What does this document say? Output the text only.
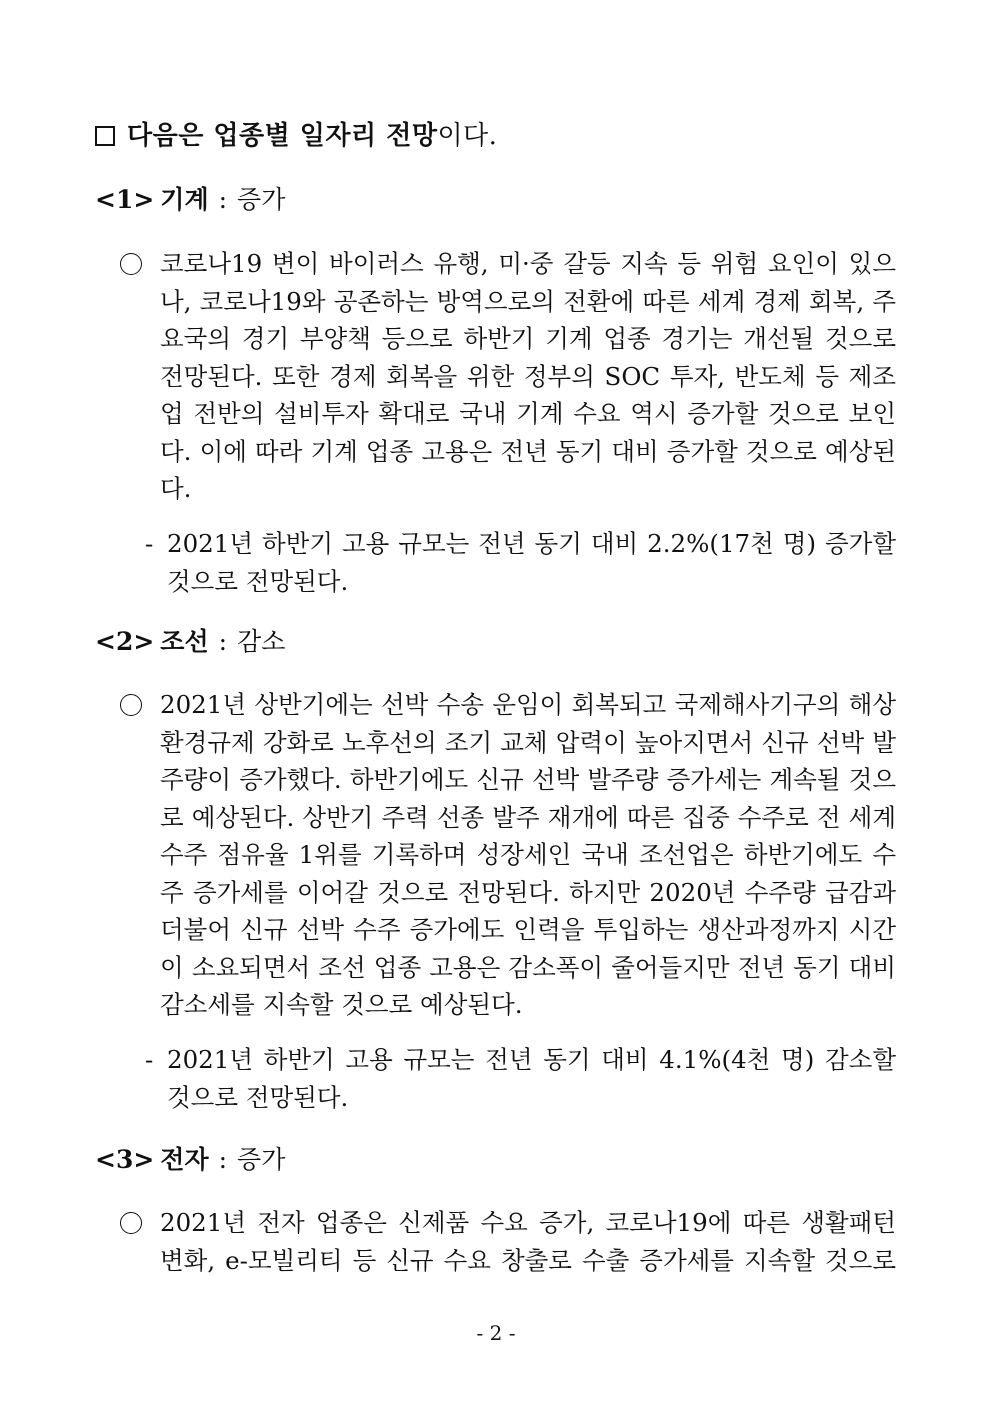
다음은 업종별 일자리 전망이다.
<1> 기계 : 증가
코로나19 변이 바이러스 유행, 미·중 갈등 지속 등 위험 요인이 있으나, 코로나19와 공존하는 방역으로의 전환에 따른 세계 경제 회복, 주요국의 경기 부양책 등으로 하반기 기계 업종 경기는 개선될 것으로 전망된다. 또한 경제 회복을 위한 정부의 SOC 투자, 반도체 등 제조업 전반의 설비투자 확대로 국내 기계 수요 역시 증가할 것으로 보인다. 이에 따라 기계 업종 고용은 전년 동기 대비 증가할 것으로 예상된다.
- 2021년 하반기 고용 규모는 전년 동기 대비 2.2%(17천 명) 증가할 것으로 전망된다.
<2> 조선 : 감소
2021년 상반기에는 선박 수송 운임이 회복되고 국제해사기구의 해상환경규제 강화로 노후선의 조기 교체 압력이 높아지면서 신규 선박 발주량이 증가했다. 하반기에도 신규 선박 발주량 증가세는 계속될 것으로 예상된다. 상반기 주력 선종 발주 재개에 따른 집중 수주로 전 세계 수주 점유율 1위를 기록하며 성장세인 국내 조선업은 하반기에도 수주 증가세를 이어갈 것으로 전망된다. 하지만 2020년 수주량 급감과 더불어 신규 선박 수주 증가에도 인력을 투입하는 생산과정까지 시간이 소요되면서 조선 업종 고용은 감소폭이 줄어들지만 전년 동기 대비 감소세를 지속할 것으로 예상된다.
- 2021년 하반기 고용 규모는 전년 동기 대비 4.1%(4천 명) 감소할 것으로 전망된다.
<3> 전자 : 증가
2021년 전자 업종은 신제품 수요 증가, 코로나19에 따른 생활패턴 변화, e-모빌리티 등 신규 수요 창출로 수출 증가세를 지속할 것으로
- 2 -
